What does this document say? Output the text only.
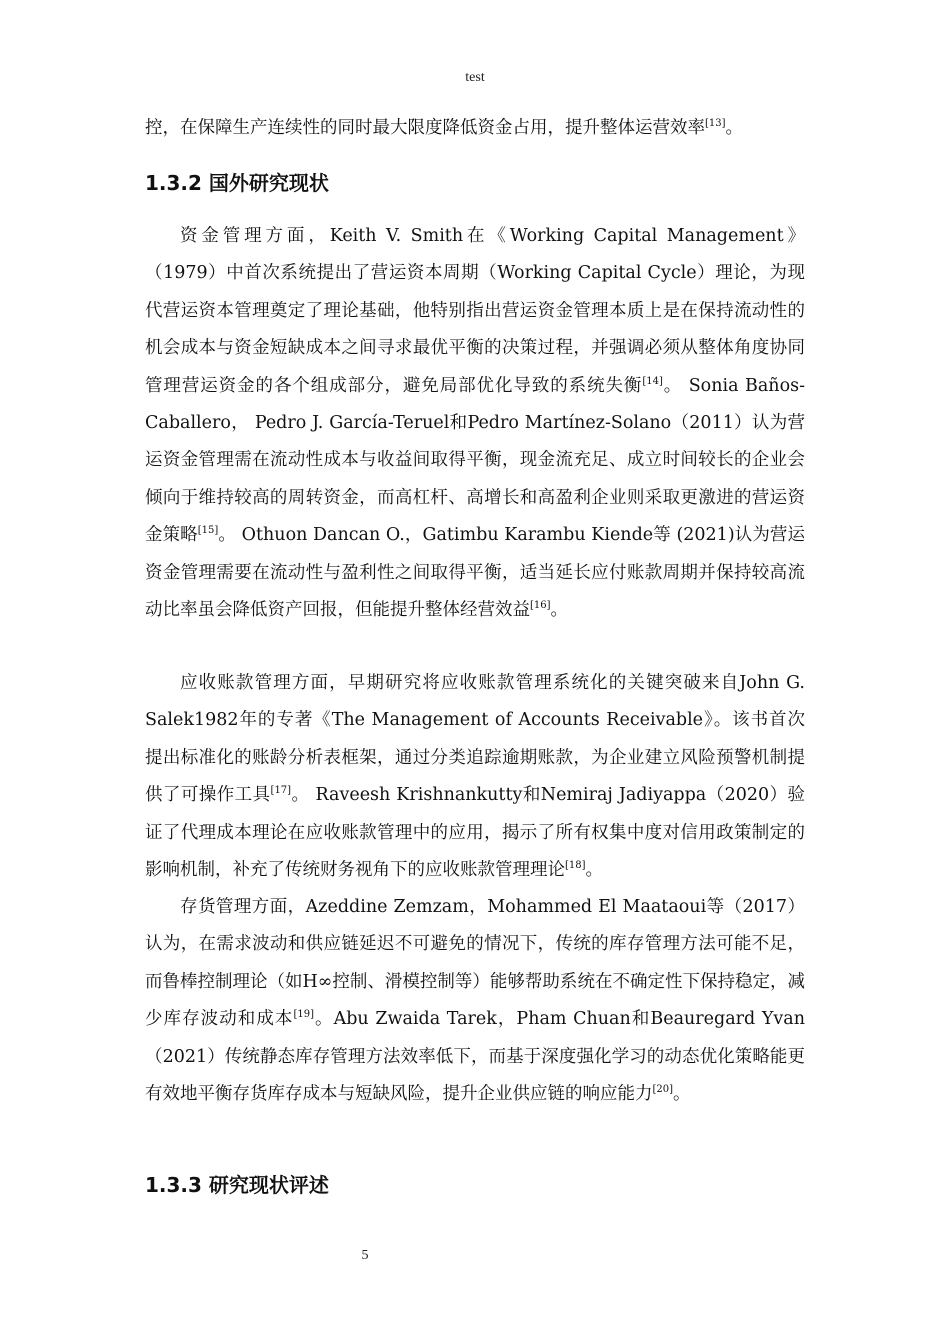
test

控，在保障生产连续性的同时最大限度降低资金占用，提升整体运营效率[13]。

1.3.2 国外研究现状

资金管理方面，Keith V. Smith在《Working Capital Management》（1979）中首次系统提出了营运资本周期（Working Capital Cycle）理论，为现代营运资本管理奠定了理论基础，他特别指出营运资金管理本质上是在保持流动性的机会成本与资金短缺成本之间寻求最优平衡的决策过程，并强调必须从整体角度协同管理营运资金的各个组成部分，避免局部优化导致的系统失衡[14]。 Sonia Baños‐Caballero， Pedro J. García‐Teruel和Pedro Martínez‐Solano（2011）认为营运资金管理需在流动性成本与收益间取得平衡，现金流充足、成立时间较长的企业会倾向于维持较高的周转资金，而高杠杆、高增长和高盈利企业则采取更激进的营运资金策略[15]。 Othuon Dancan O.，Gatimbu Karambu Kiende等 (2021)认为营运资金管理需要在流动性与盈利性之间取得平衡，适当延长应付账款周期并保持较高流动比率虽会降低资产回报，但能提升整体经营效益[16]。

应收账款管理方面，早期研究将应收账款管理系统化的关键突破来自John G. Salek1982年的专著《The Management of Accounts Receivable》。该书首次提出标准化的账龄分析表框架，通过分类追踪逾期账款，为企业建立风险预警机制提供了可操作工具[17]。 Raveesh Krishnankutty和Nemiraj Jadiyappa（2020）验证了代理成本理论在应收账款管理中的应用，揭示了所有权集中度对信用政策制定的影响机制，补充了传统财务视角下的应收账款管理理论[18]。

存货管理方面，Azeddine Zemzam，Mohammed El Maataoui等（2017）认为，在需求波动和供应链延迟不可避免的情况下，传统的库存管理方法可能不足，而鲁棒控制理论（如H∞控制、滑模控制等）能够帮助系统在不确定性下保持稳定，减少库存波动和成本[19]。Abu Zwaida Tarek，Pham Chuan和Beauregard Yvan（2021）传统静态库存管理方法效率低下，而基于深度强化学习的动态优化策略能更有效地平衡存货库存成本与短缺风险，提升企业供应链的响应能力[20]。

1.3.3 研究现状评述
5
